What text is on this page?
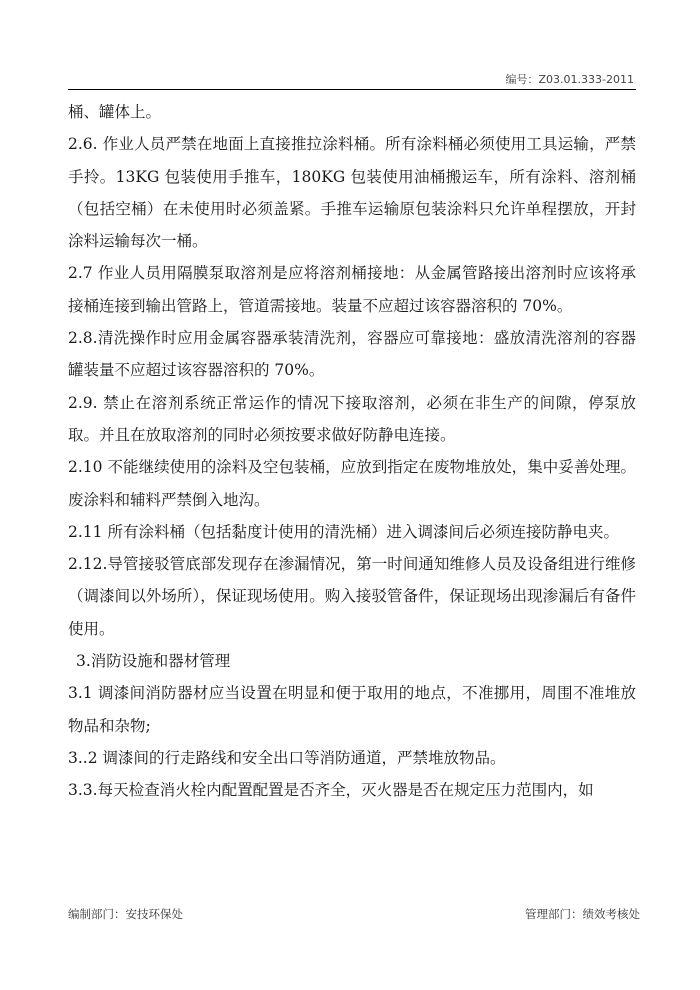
编号：Z03.01.333-2011

桶、罐体上。

2.6. 作业人员严禁在地面上直接推拉涂料桶。所有涂料桶必须使用工具运输，严禁手拎。13KG 包装使用手推车，180KG 包装使用油桶搬运车，所有涂料、溶剂桶（包括空桶）在未使用时必须盖紧。手推车运输原包装涂料只允许单程摆放，开封涂料运输每次一桶。

2.7 作业人员用隔膜泵取溶剂是应将溶剂桶接地：从金属管路接出溶剂时应该将承接桶连接到输出管路上，管道需接地。装量不应超过该容器溶积的 70%。

2.8.清洗操作时应用金属容器承装清洗剂，容器应可靠接地：盛放清洗溶剂的容器罐装量不应超过该容器溶积的 70%。

2.9. 禁止在溶剂系统正常运作的情况下接取溶剂，必须在非生产的间隙，停泵放取。并且在放取溶剂的同时必须按要求做好防静电连接。

2.10 不能继续使用的涂料及空包装桶，应放到指定在废物堆放处，集中妥善处理。废涂料和辅料严禁倒入地沟。

2.11 所有涂料桶（包括黏度计使用的清洗桶）进入调漆间后必须连接防静电夹。

2.12.导管接驳管底部发现存在渗漏情况，第一时间通知维修人员及设备组进行维修（调漆间以外场所），保证现场使用。购入接驳管备件，保证现场出现渗漏后有备件使用。

3.消防设施和器材管理

3.1 调漆间消防器材应当设置在明显和便于取用的地点，不准挪用，周围不准堆放物品和杂物;

3..2 调漆间的行走路线和安全出口等消防通道，严禁堆放物品。

3.3.每天检查消火栓内配置配置是否齐全，灭火器是否在规定压力范围内，如

编制部门：安技环保处	管理部门：绩效考核处
